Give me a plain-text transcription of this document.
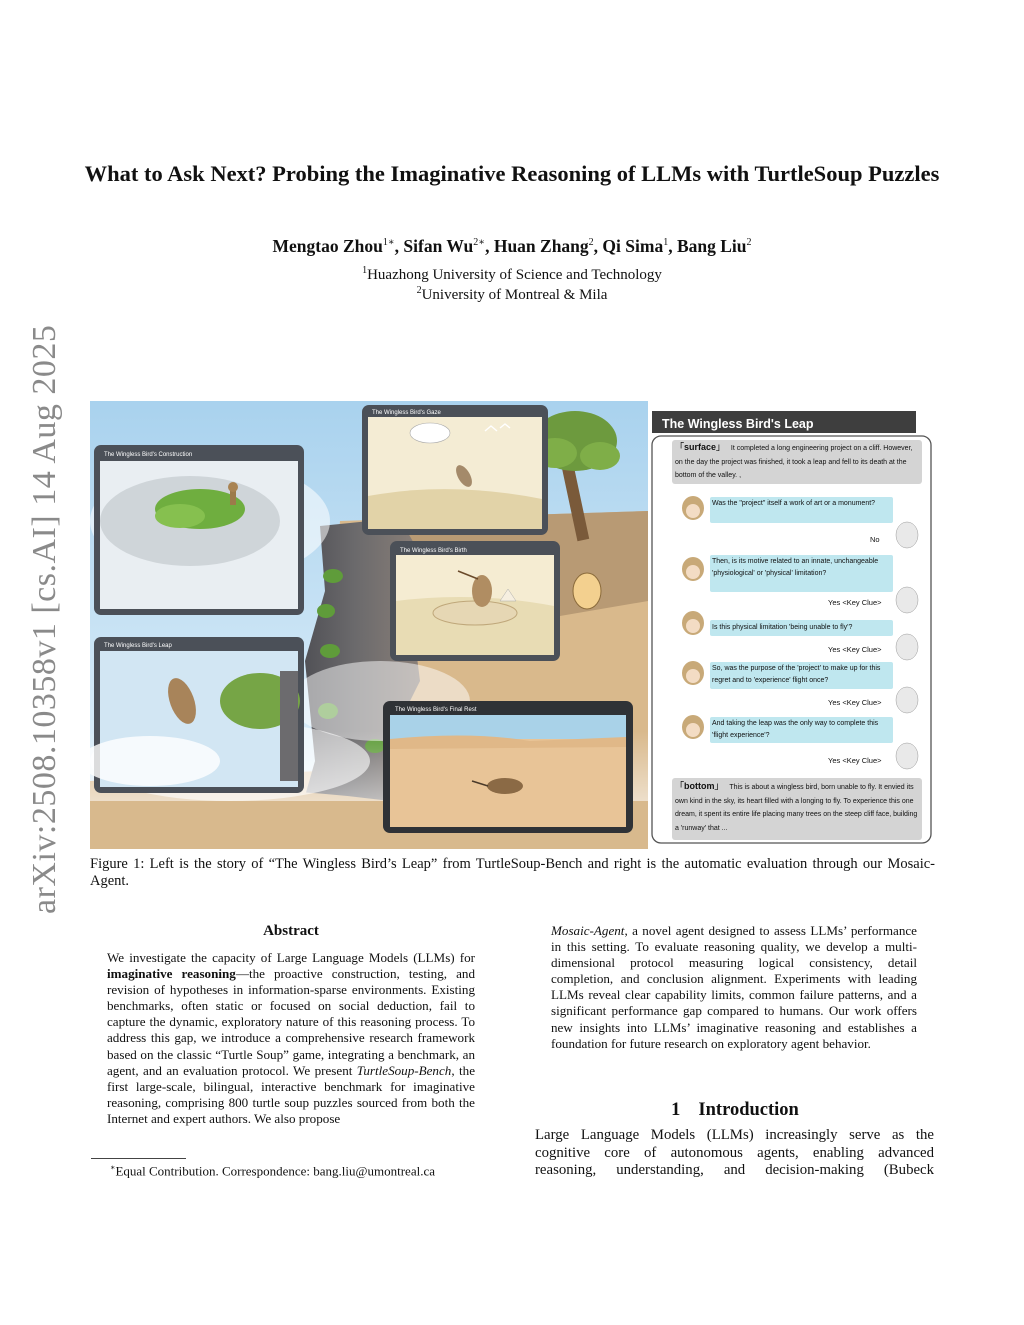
arXiv:2508.10358v1 [cs.AI] 14 Aug 2025
What to Ask Next? Probing the Imaginative Reasoning of LLMs with TurtleSoup Puzzles
Mengtao Zhou$^{1∗}$, Sifan $Wu^{2∗}$, Huan Zhang$^2$, Qi Sima$^1$, Bang Liu$^2$
$^1$Huazhong University of Science and Technology
$^2$University of Montreal & Mila
The Wingless Bird's Construction
The Wingless Bird's Gaze
The Wingless Bird's Birth
The Wingless Bird's Leap
The Wingless Bird's Final Rest
The Wingless Bird's Leap
「surface」 It completed a long engineering project on a cliff. However, on the day the project was finished, it took a leap and fell to its death at the bottom of the valley. ,
Was the "project" itself a work of art or a monument?
No
Then, is its motive related to an innate, unchangeable 'physiological' or 'physical' limitation?
Yes <Key Clue>
Is this physical limitation 'being unable to fly'?
Yes <Key Clue>
So, was the purpose of the 'project' to make up for this regret and to 'experience' flight once?
Yes <Key Clue>
And taking the leap was the only way to complete this 'flight experience'?
Yes <Key Clue>
「bottom」 This is about a wingless bird, born unable to fly. It envied its own kind in the sky, its heart filled with a longing to fly. To experience this one dream, it spent its entire life placing many trees on the steep cliff face, building a 'runway' that ...
Figure 1: Left is the story of “The Wingless Bird’s Leap” from TurtleSoup-Bench and right is the automatic evaluation through our Mosaic-Agent.
Abstract
We investigate the capacity of Large Language Models (LLMs) for imaginative reasoning—the proactive construction, testing, and revision of hypotheses in information-sparse environments. Existing benchmarks, often static or focused on social deduction, fail to capture the dynamic, exploratory nature of this reasoning process. To address this gap, we introduce a comprehensive research framework based on the classic “Turtle Soup” game, integrating a benchmark, an agent, and an evaluation protocol. We present TurtleSoup-Bench, the first large-scale, bilingual, interactive benchmark for imaginative reasoning, comprising 800 turtle soup puzzles sourced from both the Internet and expert authors. We also propose
Mosaic-Agent, a novel agent designed to assess LLMs’ performance in this setting. To evaluate reasoning quality, we develop a multi-dimensional protocol measuring logical consistency, detail completion, and conclusion alignment. Experiments with leading LLMs reveal clear capability limits, common failure patterns, and a significant performance gap compared to humans. Our work offers new insights into LLMs’ imaginative reasoning and establishes a foundation for future research on exploratory agent behavior.
∗Equal Contribution. Correspondence: bang.liu@umontreal.ca
1 Introduction
Large Language Models (LLMs) increasingly serve as the cognitive core of autonomous agents, enabling advanced reasoning, understanding, and decision-making (Bubeck
